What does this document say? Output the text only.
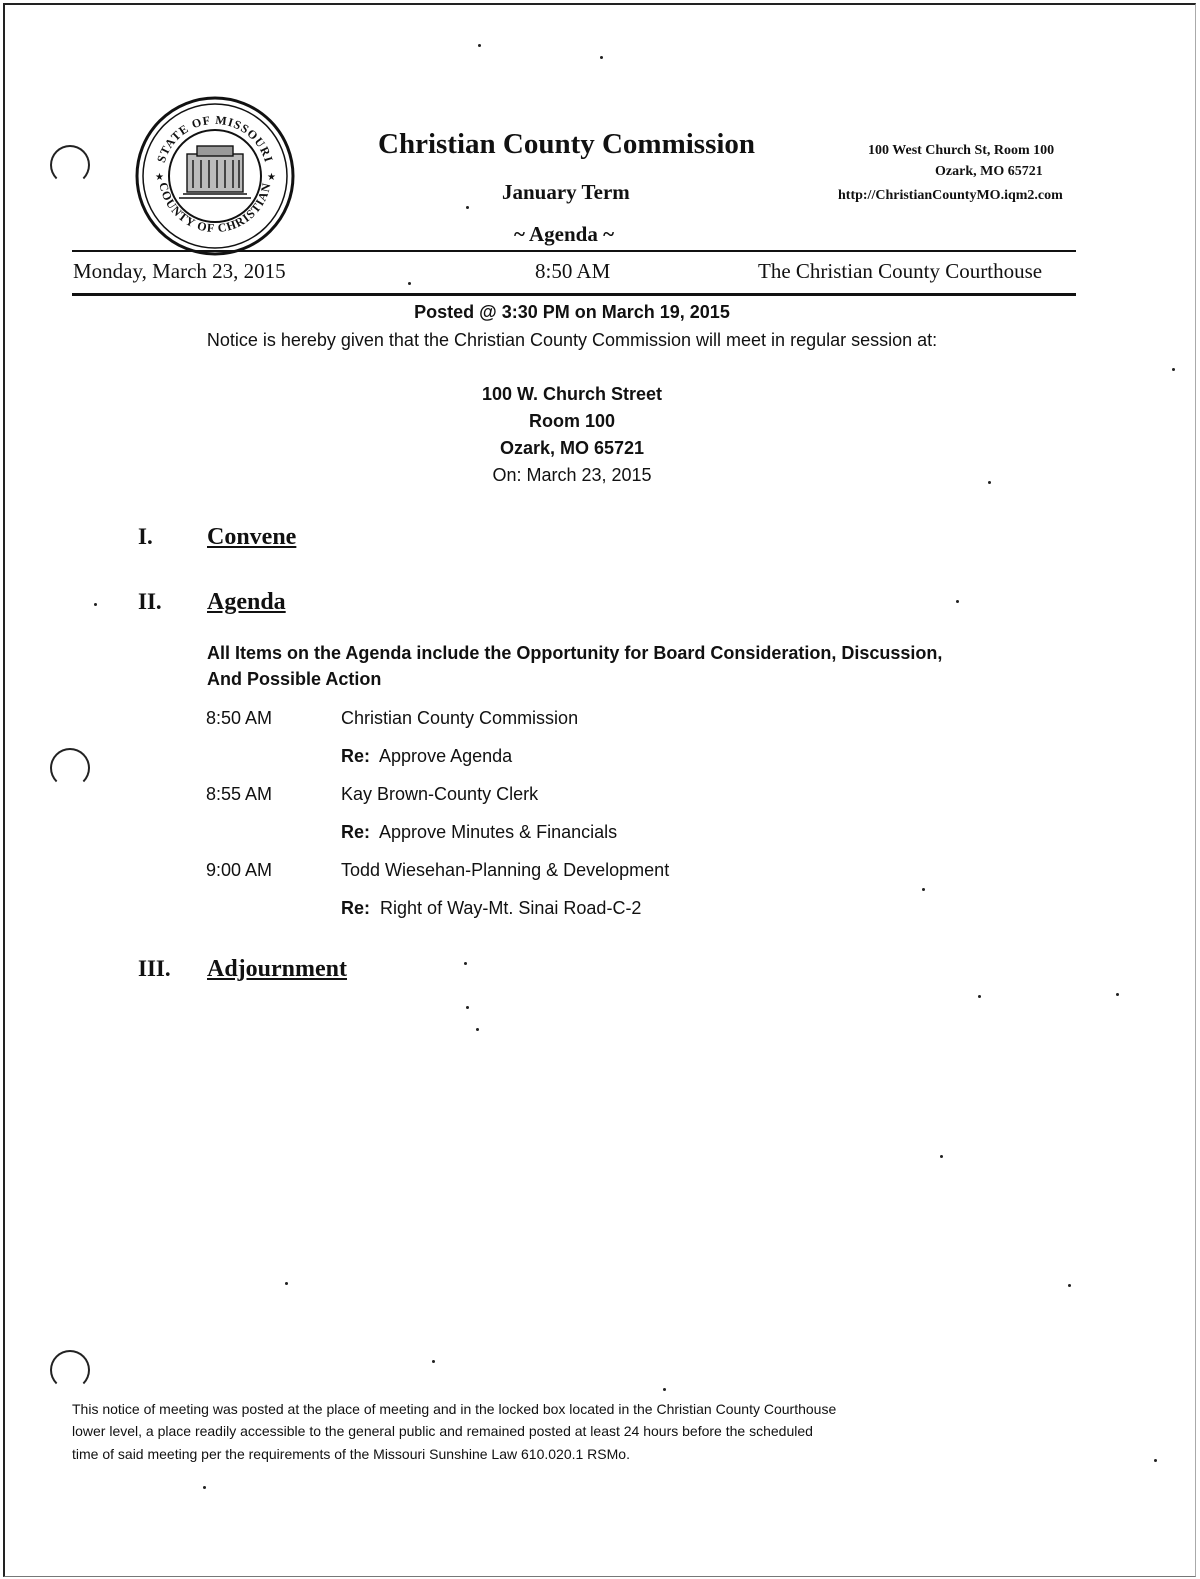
STATE OF MISSOURI
COUNTY OF CHRISTIAN
★	★
Christian County Commission
January Term
~ Agenda ~
100 West Church St, Room 100
Ozark, MO 65721
http://ChristianCountyMO.iqm2.com
Monday, March 23, 2015	8:50 AM	The Christian County Courthouse
Posted @ 3:30 PM on March 19, 2015
Notice is hereby given that the Christian County Commission will meet in regular session at:
100 W. Church Street
Room 100
Ozark, MO 65721
On: March 23, 2015
I. Convene
II. Agenda
All Items on the Agenda include the Opportunity for Board Consideration, Discussion,
And Possible Action
8:50 AM	Christian County Commission
Re: Approve Agenda
8:55 AM	Kay Brown-County Clerk
Re: Approve Minutes & Financials
9:00 AM	Todd Wiesehan-Planning & Development
Re: Right of Way-Mt. Sinai Road-C-2
III. Adjournment
This notice of meeting was posted at the place of meeting and in the locked box located in the Christian County Courthouse
lower level, a place readily accessible to the general public and remained posted at least 24 hours before the scheduled
time of said meeting per the requirements of the Missouri Sunshine Law 610.020.1 RSMo.
